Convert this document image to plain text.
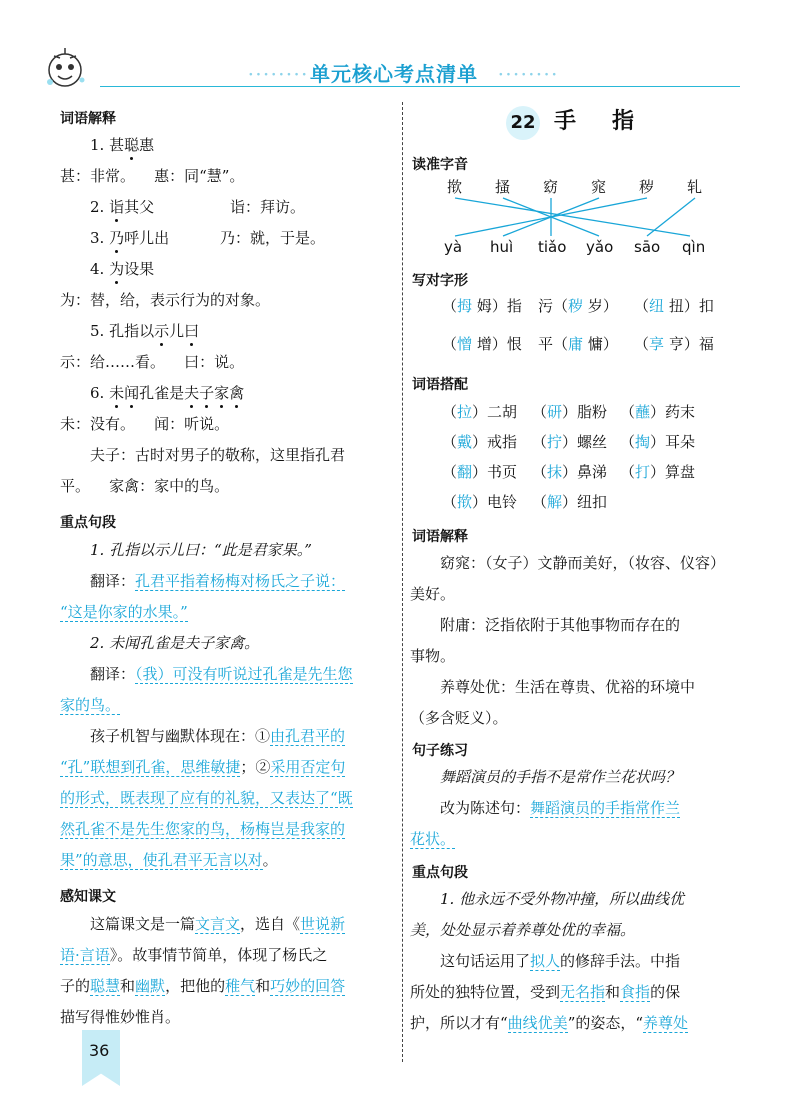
∙∙∙∙∙∙∙∙ 单元核心考点清单 ∙∙∙∙∙∙∙∙
词语解释
1. 甚聪惠
甚：非常。 惠：同“慧”。
2. 诣其父	诣：拜访。
3. 乃呼儿出	乃：就，于是。
4. 为设果
为：替，给，表示行为的对象。
5. 孔指以示儿曰
示：给……看。 曰：说。
6. 未闻孔雀是夫子家禽
未：没有。 闻：听说。
夫子：古时对男子的敬称，这里指孔君
平。 家禽：家中的鸟。
重点句段
1. 孔指以示儿曰：“此是君家果。”
翻译：孔君平指着杨梅对杨氏之子说：
“这是你家的水果。”
2. 未闻孔雀是夫子家禽。
翻译：（我）可没有听说过孔雀是先生您
家的鸟。
孩子机智与幽默体现在：①由孔君平的
“孔”联想到孔雀，思维敏捷；②采用否定句
的形式，既表现了应有的礼貌，又表达了“既
然孔雀不是先生您家的鸟，杨梅岂是我家的
果”的意思，使孔君平无言以对。
感知课文
这篇课文是一篇文言文，选自《世说新
语·言语》。故事情节简单，体现了杨氏之
子的聪慧和幽默，把他的稚气和巧妙的回答
描写得惟妙惟肖。
36
22 手指
读准字音
揿 搔 窈 窕 秽 轧
yà huì tiǎo yǎo sāo qìn
写对字形
（拇 姆）指 污（秽 岁） （纽 扭）扣
（憎 增）恨 平（庸 慵） （享 亨）福
词语搭配
（拉）二胡 （研）脂粉 （蘸）药末
（戴）戒指 （拧）螺丝 （掏）耳朵
（翻）书页 （抹）鼻涕 （打）算盘
（揿）电铃 （解）纽扣
词语解释
窈窕：（女子）文静而美好，（妆容、仪容）
美好。
附庸：泛指依附于其他事物而存在的
事物。
养尊处优：生活在尊贵、优裕的环境中
（多含贬义）。
句子练习
舞蹈演员的手指不是常作兰花状吗？
改为陈述句：舞蹈演员的手指常作兰
花状。
重点句段
1. 他永远不受外物冲撞，所以曲线优
美，处处显示着养尊处优的幸福。
这句话运用了拟人的修辞手法。中指
所处的独特位置，受到无名指和食指的保
护，所以才有“曲线优美”的姿态，“养尊处
